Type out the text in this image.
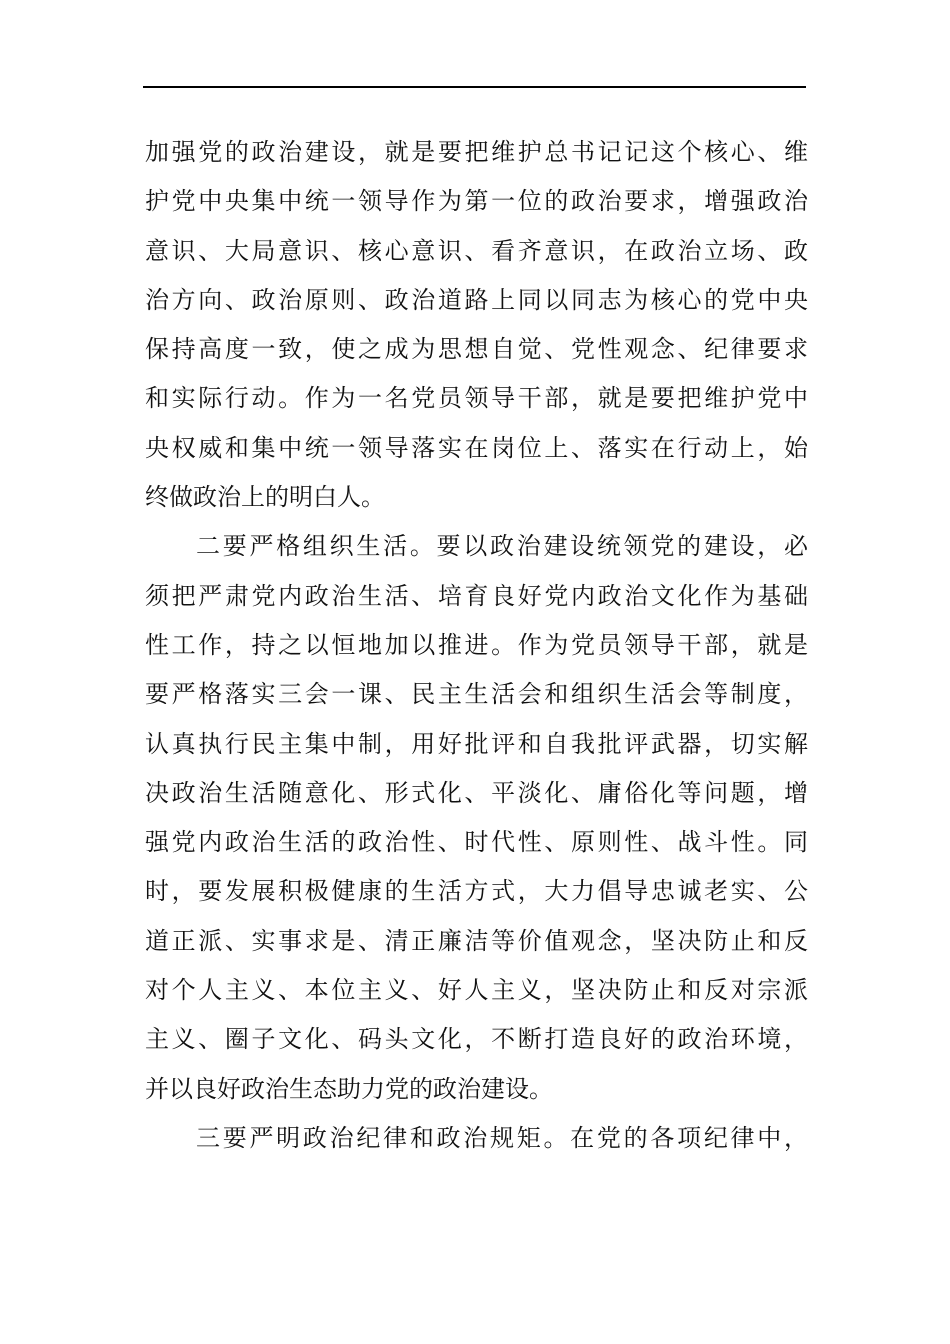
加强党的政治建设，就是要把维护总书记记这个核心、维
护党中央集中统一领导作为第一位的政治要求，增强政治
意识、大局意识、核心意识、看齐意识，在政治立场、政
治方向、政治原则、政治道路上同以同志为核心的党中央
保持高度一致，使之成为思想自觉、党性观念、纪律要求
和实际行动。作为一名党员领导干部，就是要把维护党中
央权威和集中统一领导落实在岗位上、落实在行动上，始
终做政治上的明白人。
二要严格组织生活。要以政治建设统领党的建设，必
须把严肃党内政治生活、培育良好党内政治文化作为基础
性工作，持之以恒地加以推进。作为党员领导干部，就是
要严格落实三会一课、民主生活会和组织生活会等制度，
认真执行民主集中制，用好批评和自我批评武器，切实解
决政治生活随意化、形式化、平淡化、庸俗化等问题，增
强党内政治生活的政治性、时代性、原则性、战斗性。同
时，要发展积极健康的生活方式，大力倡导忠诚老实、公
道正派、实事求是、清正廉洁等价值观念，坚决防止和反
对个人主义、本位主义、好人主义，坚决防止和反对宗派
主义、圈子文化、码头文化，不断打造良好的政治环境，
并以良好政治生态助力党的政治建设。
三要严明政治纪律和政治规矩。在党的各项纪律中，
